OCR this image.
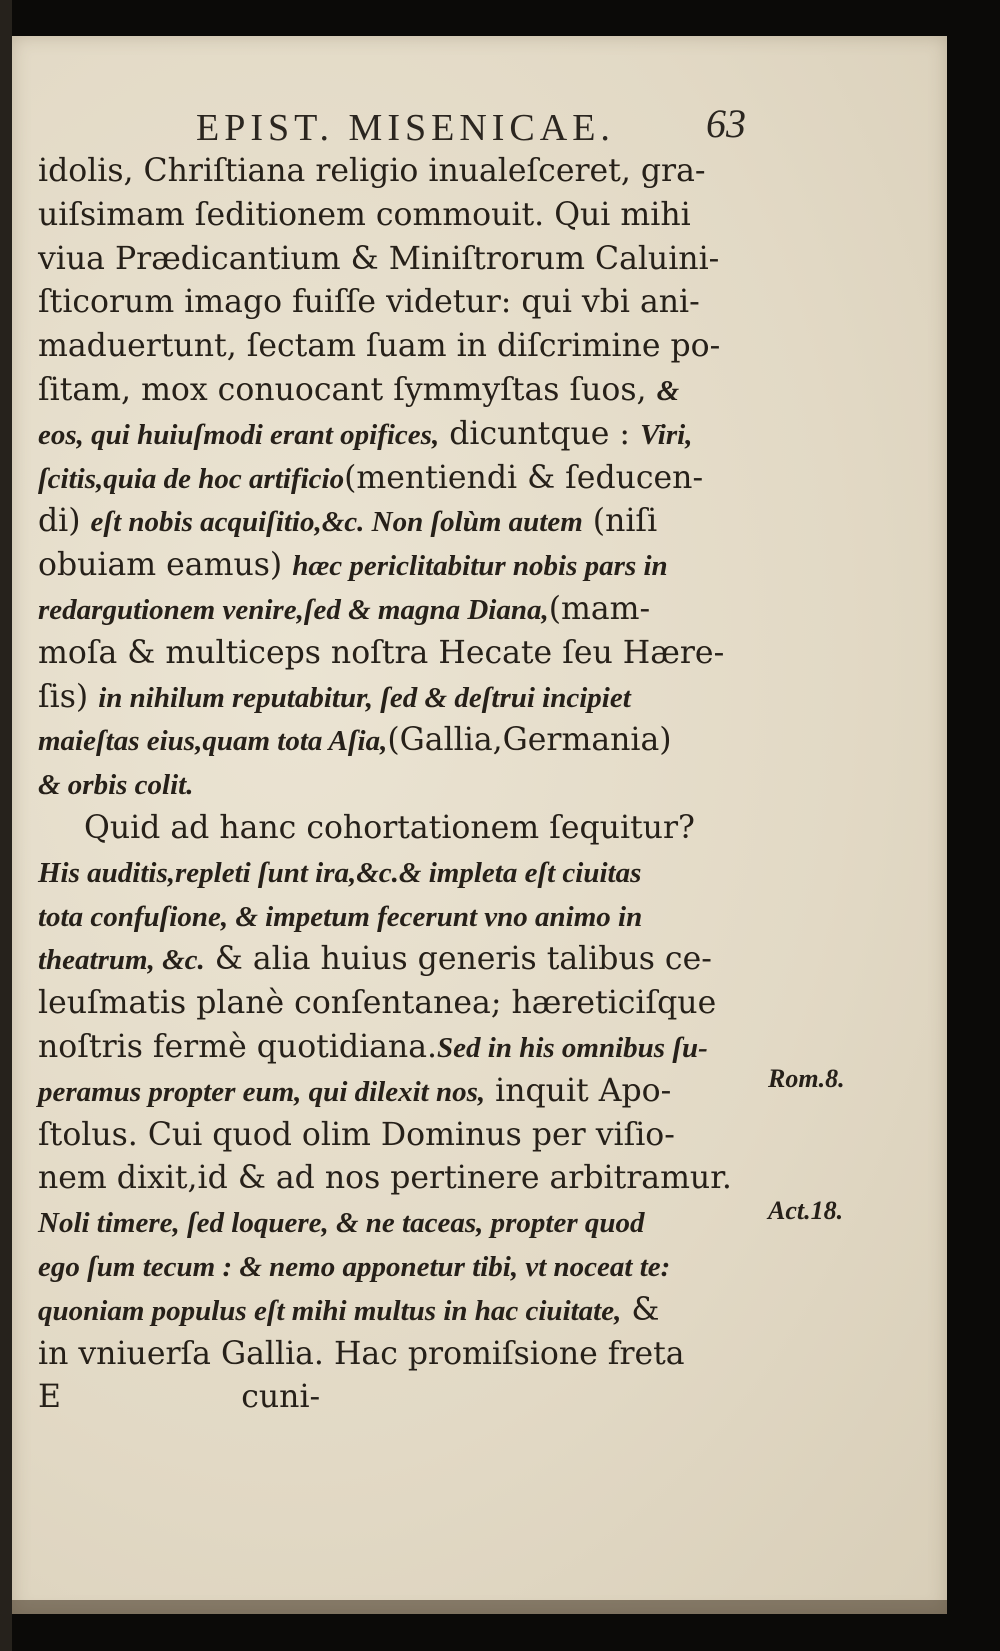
EPIST. MISENICAE. 63
idolis, Chriſtiana religio inualeſceret, gra-
uiſsimam ſeditionem commouit. Qui mihi
viua Prædicantium & Miniſtrorum Caluini-
ſticorum imago fuiſſe videtur: qui vbi ani-
maduertunt, ſectam ſuam in diſcrimine po-
ſitam, mox conuocant ſymmyſtas ſuos, &
eos, qui huiuſmodi erant opifices, dicuntque : Viri,
ſcitis,quia de hoc artificio(mentiendi & ſeducen-
di) eſt nobis acquiſitio,&c. Non ſolùm autem (niſi
obuiam eamus) hæc periclitabitur nobis pars in
redargutionem venire,ſed & magna Diana,(mam-
moſa & multiceps noſtra Hecate ſeu Hære-
ſis) in nihilum reputabitur, ſed & deſtrui incipiet
maieſtas eius,quam tota Aſia,(Gallia,Germania)
& orbis colit.
Quid ad hanc cohortationem ſequitur?
His auditis,repleti ſunt ira,&c.& impleta eſt ciuitas
tota confuſione, & impetum fecerunt vno animo in
theatrum, &c. & alia huius generis talibus ce-
leuſmatis planè conſentanea; hæreticiſque
noſtris fermè quotidiana.Sed in his omnibus ſu-
peramus propter eum, qui dilexit nos, inquit Apo-
ſtolus. Cui quod olim Dominus per viſio-
nem dixit,id & ad nos pertinere arbitramur.
Noli timere, ſed loquere, & ne taceas, propter quod
ego ſum tecum : & nemo apponetur tibi, vt noceat te:
quoniam populus eſt mihi multus in hac ciuitate, &
in vniuerſa Gallia. Hac promiſsione freta
E                  cuni-
Rom.8.
Act.18.
